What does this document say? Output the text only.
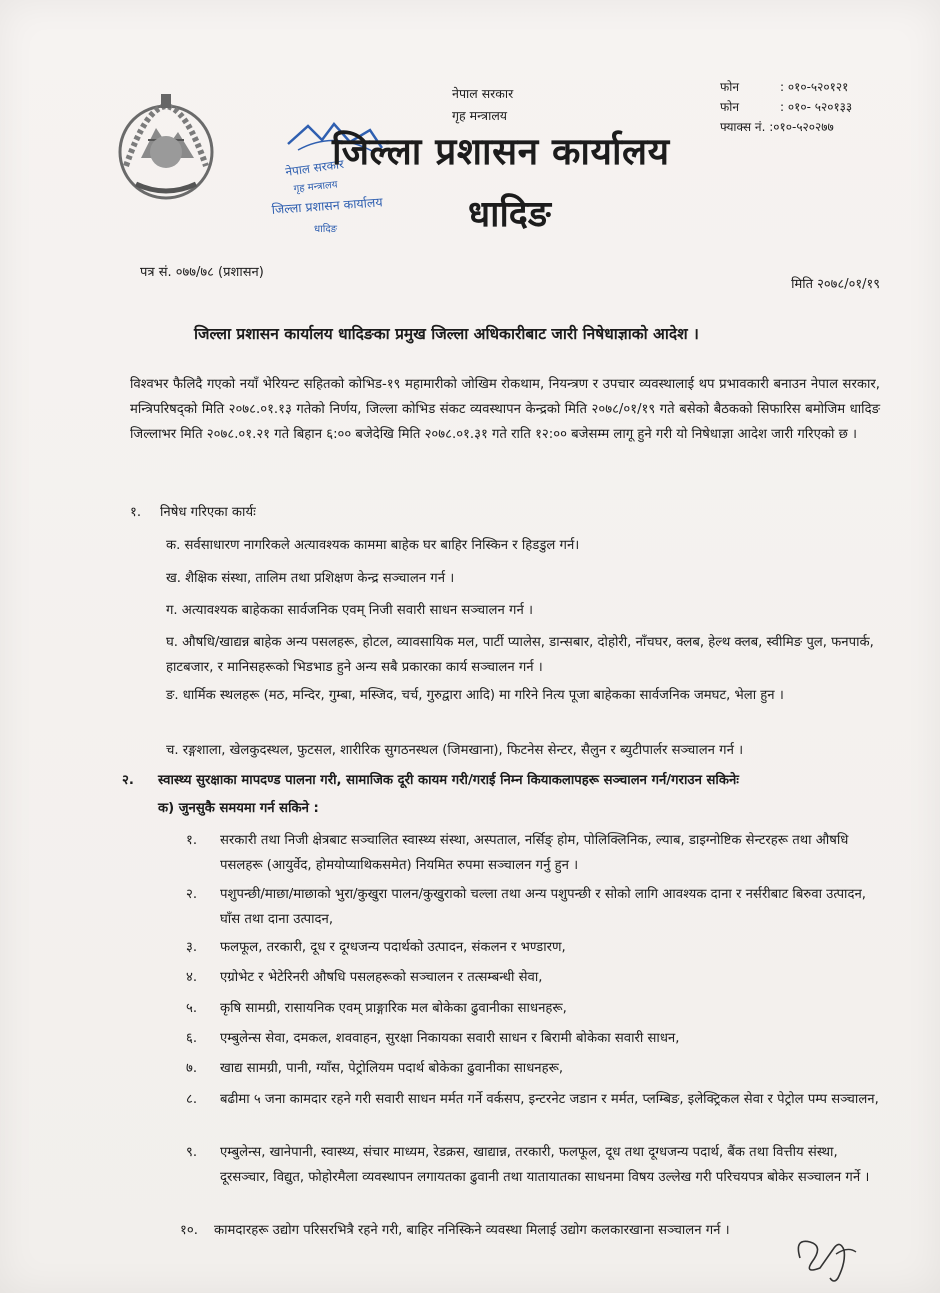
नेपाल सरकार
गृह मन्त्रालय
फोन	: ०१०-५२०१२१
फोन	: ०१०- ५२०१३३
फ्याक्स नं. : ०१०-५२०२७७
नेपाल सरकार
गृह मन्त्रालय
जिल्ला प्रशासन कार्यालय
धादिङ
जिल्ला प्रशासन कार्यालय
धादिङ
पत्र सं. ०७७/७८ (प्रशासन)
मिति २०७८/०१/१९
जिल्ला प्रशासन कार्यालय धादिङका प्रमुख जिल्ला अधिकारीबाट जारी निषेधाज्ञाको आदेश ।
विश्वभर फैलिदै गएको नयाँ भेरियन्ट सहितको कोभिड-१९ महामारीको जोखिम रोकथाम, नियन्त्रण र उपचार व्यवस्थालाई थप प्रभावकारी बनाउन नेपाल सरकार, मन्त्रिपरिषद्को मिति २०७८.०१.१३ गतेको निर्णय, जिल्ला कोभिड संकट व्यवस्थापन केन्द्रको मिति २०७८/०१/१९ गते बसेको बैठकको सिफारिस बमोजिम धादिङ जिल्लाभर मिति २०७८.०१.२१ गते बिहान ६:०० बजेदेखि मिति २०७८.०१.३१ गते राति १२:०० बजेसम्म लागू हुने गरी यो निषेधाज्ञा आदेश जारी गरिएको छ ।
१. निषेध गरिएका कार्यः
क. सर्वसाधारण नागरिकले अत्यावश्यक काममा बाहेक घर बाहिर निस्किन र हिडडुल गर्न।
ख. शैक्षिक संस्था, तालिम तथा प्रशिक्षण केन्द्र सञ्चालन गर्न ।
ग. अत्यावश्यक बाहेकका सार्वजनिक एवम् निजी सवारी साधन सञ्चालन गर्न ।
घ. औषधि/खाद्यन्न बाहेक अन्य पसलहरू, होटल, व्यावसायिक मल, पार्टी प्यालेस, डान्सबार, दोहोरी, नाँचघर, क्लब, हेल्थ क्लब, स्वीमिङ पुल, फनपार्क, हाटबजार, र मानिसहरूको भिडभाड हुने अन्य सबै प्रकारका कार्य सञ्चालन गर्न ।
ङ. धार्मिक स्थलहरू (मठ, मन्दिर, गुम्बा, मस्जिद, चर्च, गुरुद्वारा आदि) मा गरिने नित्य पूजा बाहेकका सार्वजनिक जमघट, भेला हुन ।
च. रङ्गशाला, खेलकुदस्थल, फुटसल, शारीरिक सुगठनस्थल (जिमखाना), फिटनेस सेन्टर, सैलुन र ब्युटीपार्लर सञ्चालन गर्न ।
२. स्वास्थ्य सुरक्षाका मापदण्ड पालना गरी, सामाजिक दूरी कायम गरी/गराई निम्न कियाकलापहरू सञ्चालन गर्न/गराउन सकिनेः
क) जुनसुकै समयमा गर्न सकिने :
१. सरकारी तथा निजी क्षेत्रबाट सञ्चालित स्वास्थ्य संस्था, अस्पताल, नर्सिङ् होम, पोलिक्लिनिक, ल्याब, डाइग्नोष्टिक सेन्टरहरू तथा औषधि पसलहरू (आयुर्वेद, होमयोप्याथिकसमेत) नियमित रुपमा सञ्चालन गर्नु हुन ।
२. पशुपन्छी/माछा/माछाको भुरा/कुखुरा पालन/कुखुराको चल्ला तथा अन्य पशुपन्छी र सोको लागि आवश्यक दाना र नर्सरीबाट बिरुवा उत्पादन, घाँस तथा दाना उत्पादन,
३. फलफूल, तरकारी, दूध र दूग्धजन्य पदार्थको उत्पादन, संकलन र भण्डारण,
४. एग्रोभेट र भेटेरिनरी औषधि पसलहरूको सञ्चालन र तत्सम्बन्धी सेवा,
५. कृषि सामग्री, रासायनिक एवम् प्राङ्गारिक मल बोकेका ढुवानीका साधनहरू,
६. एम्बुलेन्स सेवा, दमकल, शववाहन, सुरक्षा निकायका सवारी साधन र बिरामी बोकेका सवारी साधन,
७. खाद्य सामग्री, पानी, ग्याँस, पेट्रोलियम पदार्थ बोकेका ढुवानीका साधनहरू,
८. बढीमा ५ जना कामदार रहने गरी सवारी साधन मर्मत गर्ने वर्कसप, इन्टरनेट जडान र मर्मत, प्लम्बिङ, इलेक्ट्रिकल सेवा र पेट्रोल पम्प सञ्चालन,
९. एम्बुलेन्स, खानेपानी, स्वास्थ्य, संचार माध्यम, रेडक्रस, खाद्यान्न, तरकारी, फलफूल, दूध तथा दूग्धजन्य पदार्थ, बैंक तथा वित्तीय संस्था, दूरसञ्चार, विद्युत, फोहोरमैला व्यवस्थापन लगायतका ढुवानी तथा यातायातका साधनमा विषय उल्लेख गरी परिचयपत्र बोकेर सञ्चालन गर्ने ।
१०. कामदारहरू उद्योग परिसरभित्रै रहने गरी, बाहिर ननिस्किने व्यवस्था मिलाई उद्योग कलकारखाना सञ्चालन गर्न ।
